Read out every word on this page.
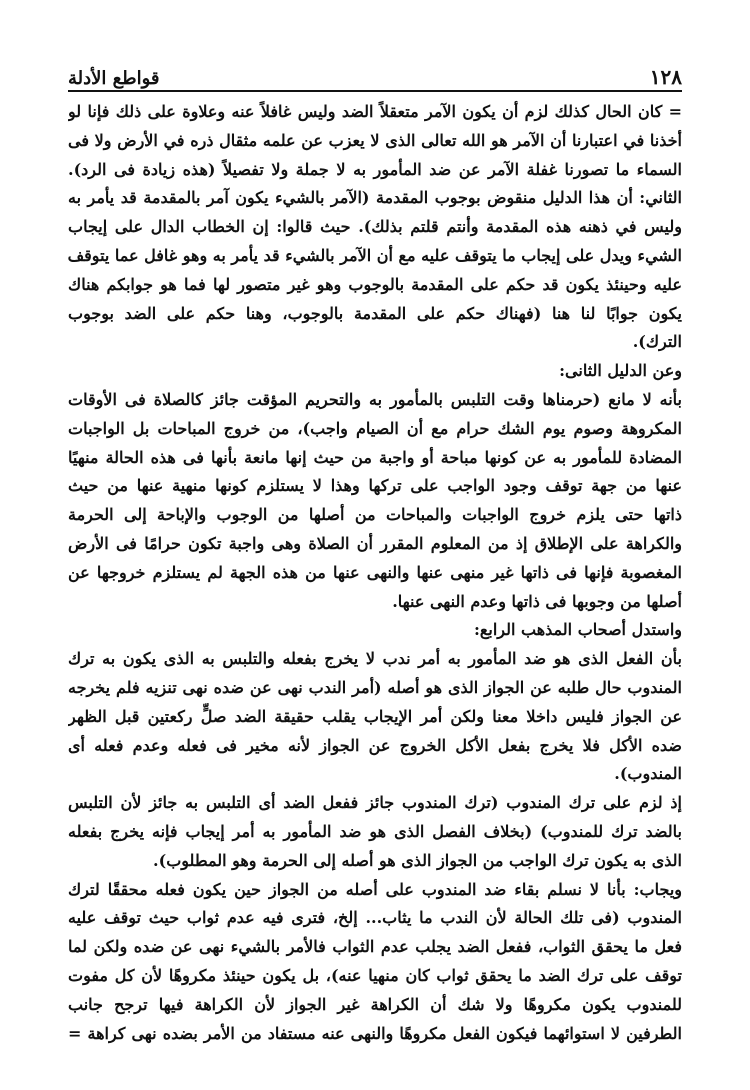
١٢٨
قواطع الأدلة
= كان الحال كذلك لزم أن يكون الآمر متعقلاً الضد وليس غافلاً عنه وعلاوة على ذلك فإنا لو
أخذنا في اعتبارنا أن الآمر هو الله تعالى الذى لا يعزب عن علمه مثقال ذره في الأرض ولا فى
السماء ما تصورنا غفلة الآمر عن ضد المأمور به لا جملة ولا تفصيلاً (هذه زيادة فى الرد).
الثاني: أن هذا الدليل منقوض بوجوب المقدمة (الآمر بالشيء يكون آمر بالمقدمة قد يأمر به
وليس في ذهنه هذه المقدمة وأنتم قلتم بذلك). حيث قالوا: إن الخطاب الدال على إيجاب
الشيء ويدل على إيجاب ما يتوقف عليه مع أن الآمر بالشيء قد يأمر به وهو غافل عما يتوقف
عليه وحينئذ يكون قد حكم على المقدمة بالوجوب وهو غير متصور لها فما هو جوابكم هناك
يكون جوابًا لنا هنا (فهناك حكم على المقدمة بالوجوب، وهنا حكم على الضد بوجوب
الترك).
وعن الدليل الثانى:
بأنه لا مانع (حرمناها وقت التلبس بالمأمور به والتحريم المؤقت جائز كالصلاة فى الأوقات
المكروهة وصوم يوم الشك حرام مع أن الصيام واجب)، من خروج المباحات بل الواجبات
المضادة للمأمور به عن كونها مباحة أو واجبة من حيث إنها مانعة بأنها فى هذه الحالة منهيًا
عنها من جهة توقف وجود الواجب على تركها وهذا لا يستلزم كونها منهية عنها من حيث
ذاتها حتى يلزم خروج الواجبات والمباحات من أصلها من الوجوب والإباحة إلى الحرمة
والكراهة على الإطلاق إذ من المعلوم المقرر أن الصلاة وهى واجبة تكون حرامًا فى الأرض
المغصوبة فإنها فى ذاتها غير منهى عنها والنهى عنها من هذه الجهة لم يستلزم خروجها عن
أصلها من وجوبها فى ذاتها وعدم النهى عنها.
واستدل أصحاب المذهب الرابع:
بأن الفعل الذى هو ضد المأمور به أمر ندب لا يخرج بفعله والتلبس به الذى يكون به ترك
المندوب حال طلبه عن الجواز الذى هو أصله (أمر الندب نهى عن ضده نهى تنزيه فلم يخرجه
عن الجواز فليس داخلا معنا ولكن أمر الإيجاب يقلب حقيقة الضد صلٍّ ركعتين قبل الظهر
ضده الأكل فلا يخرج بفعل الأكل الخروج عن الجواز لأنه مخير فى فعله وعدم فعله أى
المندوب).
إذ لزم على ترك المندوب (ترك المندوب جائز ففعل الضد أى التلبس به جائز لأن التلبس
بالضد ترك للمندوب) (بخلاف الفصل الذى هو ضد المأمور به أمر إيجاب فإنه يخرج بفعله
الذى به يكون ترك الواجب من الجواز الذى هو أصله إلى الحرمة وهو المطلوب).
ويجاب: بأنا لا نسلم بقاء ضد المندوب على أصله من الجواز حين يكون فعله محققًا لترك
المندوب (فى تلك الحالة لأن الندب ما يثاب... إلخ، فترى فيه عدم ثواب حيث توقف عليه
فعل ما يحقق الثواب، ففعل الضد يجلب عدم الثواب فالأمر بالشيء نهى عن ضده ولكن لما
توقف على ترك الضد ما يحقق ثواب كان منهيا عنه)، بل يكون حينئذ مكروهًا لأن كل مفوت
للمندوب يكون مكروهًا ولا شك أن الكراهة غير الجواز لأن الكراهة فيها ترجح جانب
الطرفين لا استوائهما فيكون الفعل مكروهًا والنهى عنه مستفاد من الأمر بضده نهى كراهة =
